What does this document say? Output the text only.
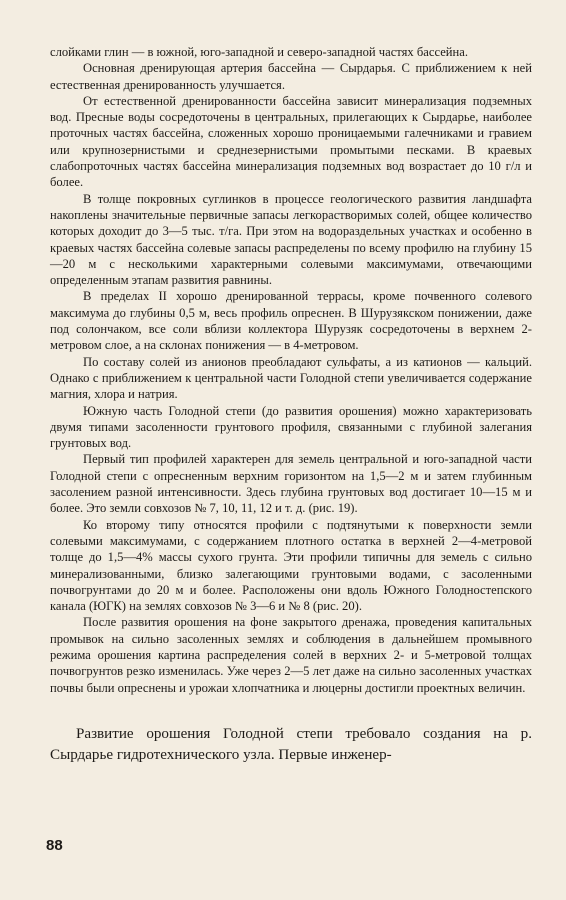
слойками глин — в южной, юго-западной и северо-западной частях бассейна.

Основная дренирующая артерия бассейна — Сырдарья. С приближением к ней естественная дренированность улучшается.

От естественной дренированности бассейна зависит минерализация подземных вод. Пресные воды сосредоточены в центральных, прилегающих к Сырдарье, наиболее проточных частях бассейна, сложенных хорошо проницаемыми галечниками и гравием или крупнозернистыми и среднезернистыми промытыми песками. В краевых слабопроточных частях бассейна минерализация подземных вод возрастает до 10 г/л и более.

В толще покровных суглинков в процессе геологического развития ландшафта накоплены значительные первичные запасы легкорастворимых солей, общее количество которых доходит до 3—5 тыс. т/га. При этом на водораздельных участках и особенно в краевых частях бассейна солевые запасы распределены по всему профилю на глубину 15—20 м с несколькими характерными солевыми максимумами, отвечающими определенным этапам развития равнины.

В пределах II хорошо дренированной террасы, кроме почвенного солевого максимума до глубины 0,5 м, весь профиль опреснен. В Шурузякском понижении, даже под солончаком, все соли вблизи коллектора Шурузяк сосредоточены в верхнем 2-метровом слое, а на склонах понижения — в 4-метровом.

По составу солей из анионов преобладают сульфаты, а из катионов — кальций. Однако с приближением к центральной части Голодной степи увеличивается содержание магния, хлора и натрия.

Южную часть Голодной степи (до развития орошения) можно характеризовать двумя типами засоленности грунтового профиля, связанными с глубиной залегания грунтовых вод.

Первый тип профилей характерен для земель центральной и юго-западной части Голодной степи с опресненным верхним горизонтом на 1,5—2 м и затем глубинным засолением разной интенсивности. Здесь глубина грунтовых вод достигает 10—15 м и более. Это земли совхозов № 7, 10, 11, 12 и т. д. (рис. 19).

Ко второму типу относятся профили с подтянутыми к поверхности земли солевыми максимумами, с содержанием плотного остатка в верхней 2—4-метровой толще до 1,5—4% массы сухого грунта. Эти профили типичны для земель с сильно минерализованными, близко залегающими грунтовыми водами, с засоленными почвогрунтами до 20 м и более. Расположены они вдоль Южного Голодностепского канала (ЮГК) на землях совхозов № 3—6 и № 8 (рис. 20).

После развития орошения на фоне закрытого дренажа, проведения капитальных промывок на сильно засоленных землях и соблюдения в дальнейшем промывного режима орошения картина распределения солей в верхних 2- и 5-метровой толщах почвогрунтов резко изменилась. Уже через 2—5 лет даже на сильно засоленных участках почвы были опреснены и урожаи хлопчатника и люцерны достигли проектных величин.

Развитие орошения Голодной степи требовало создания на р. Сырдарье гидротехнического узла. Первые инженер-

88
